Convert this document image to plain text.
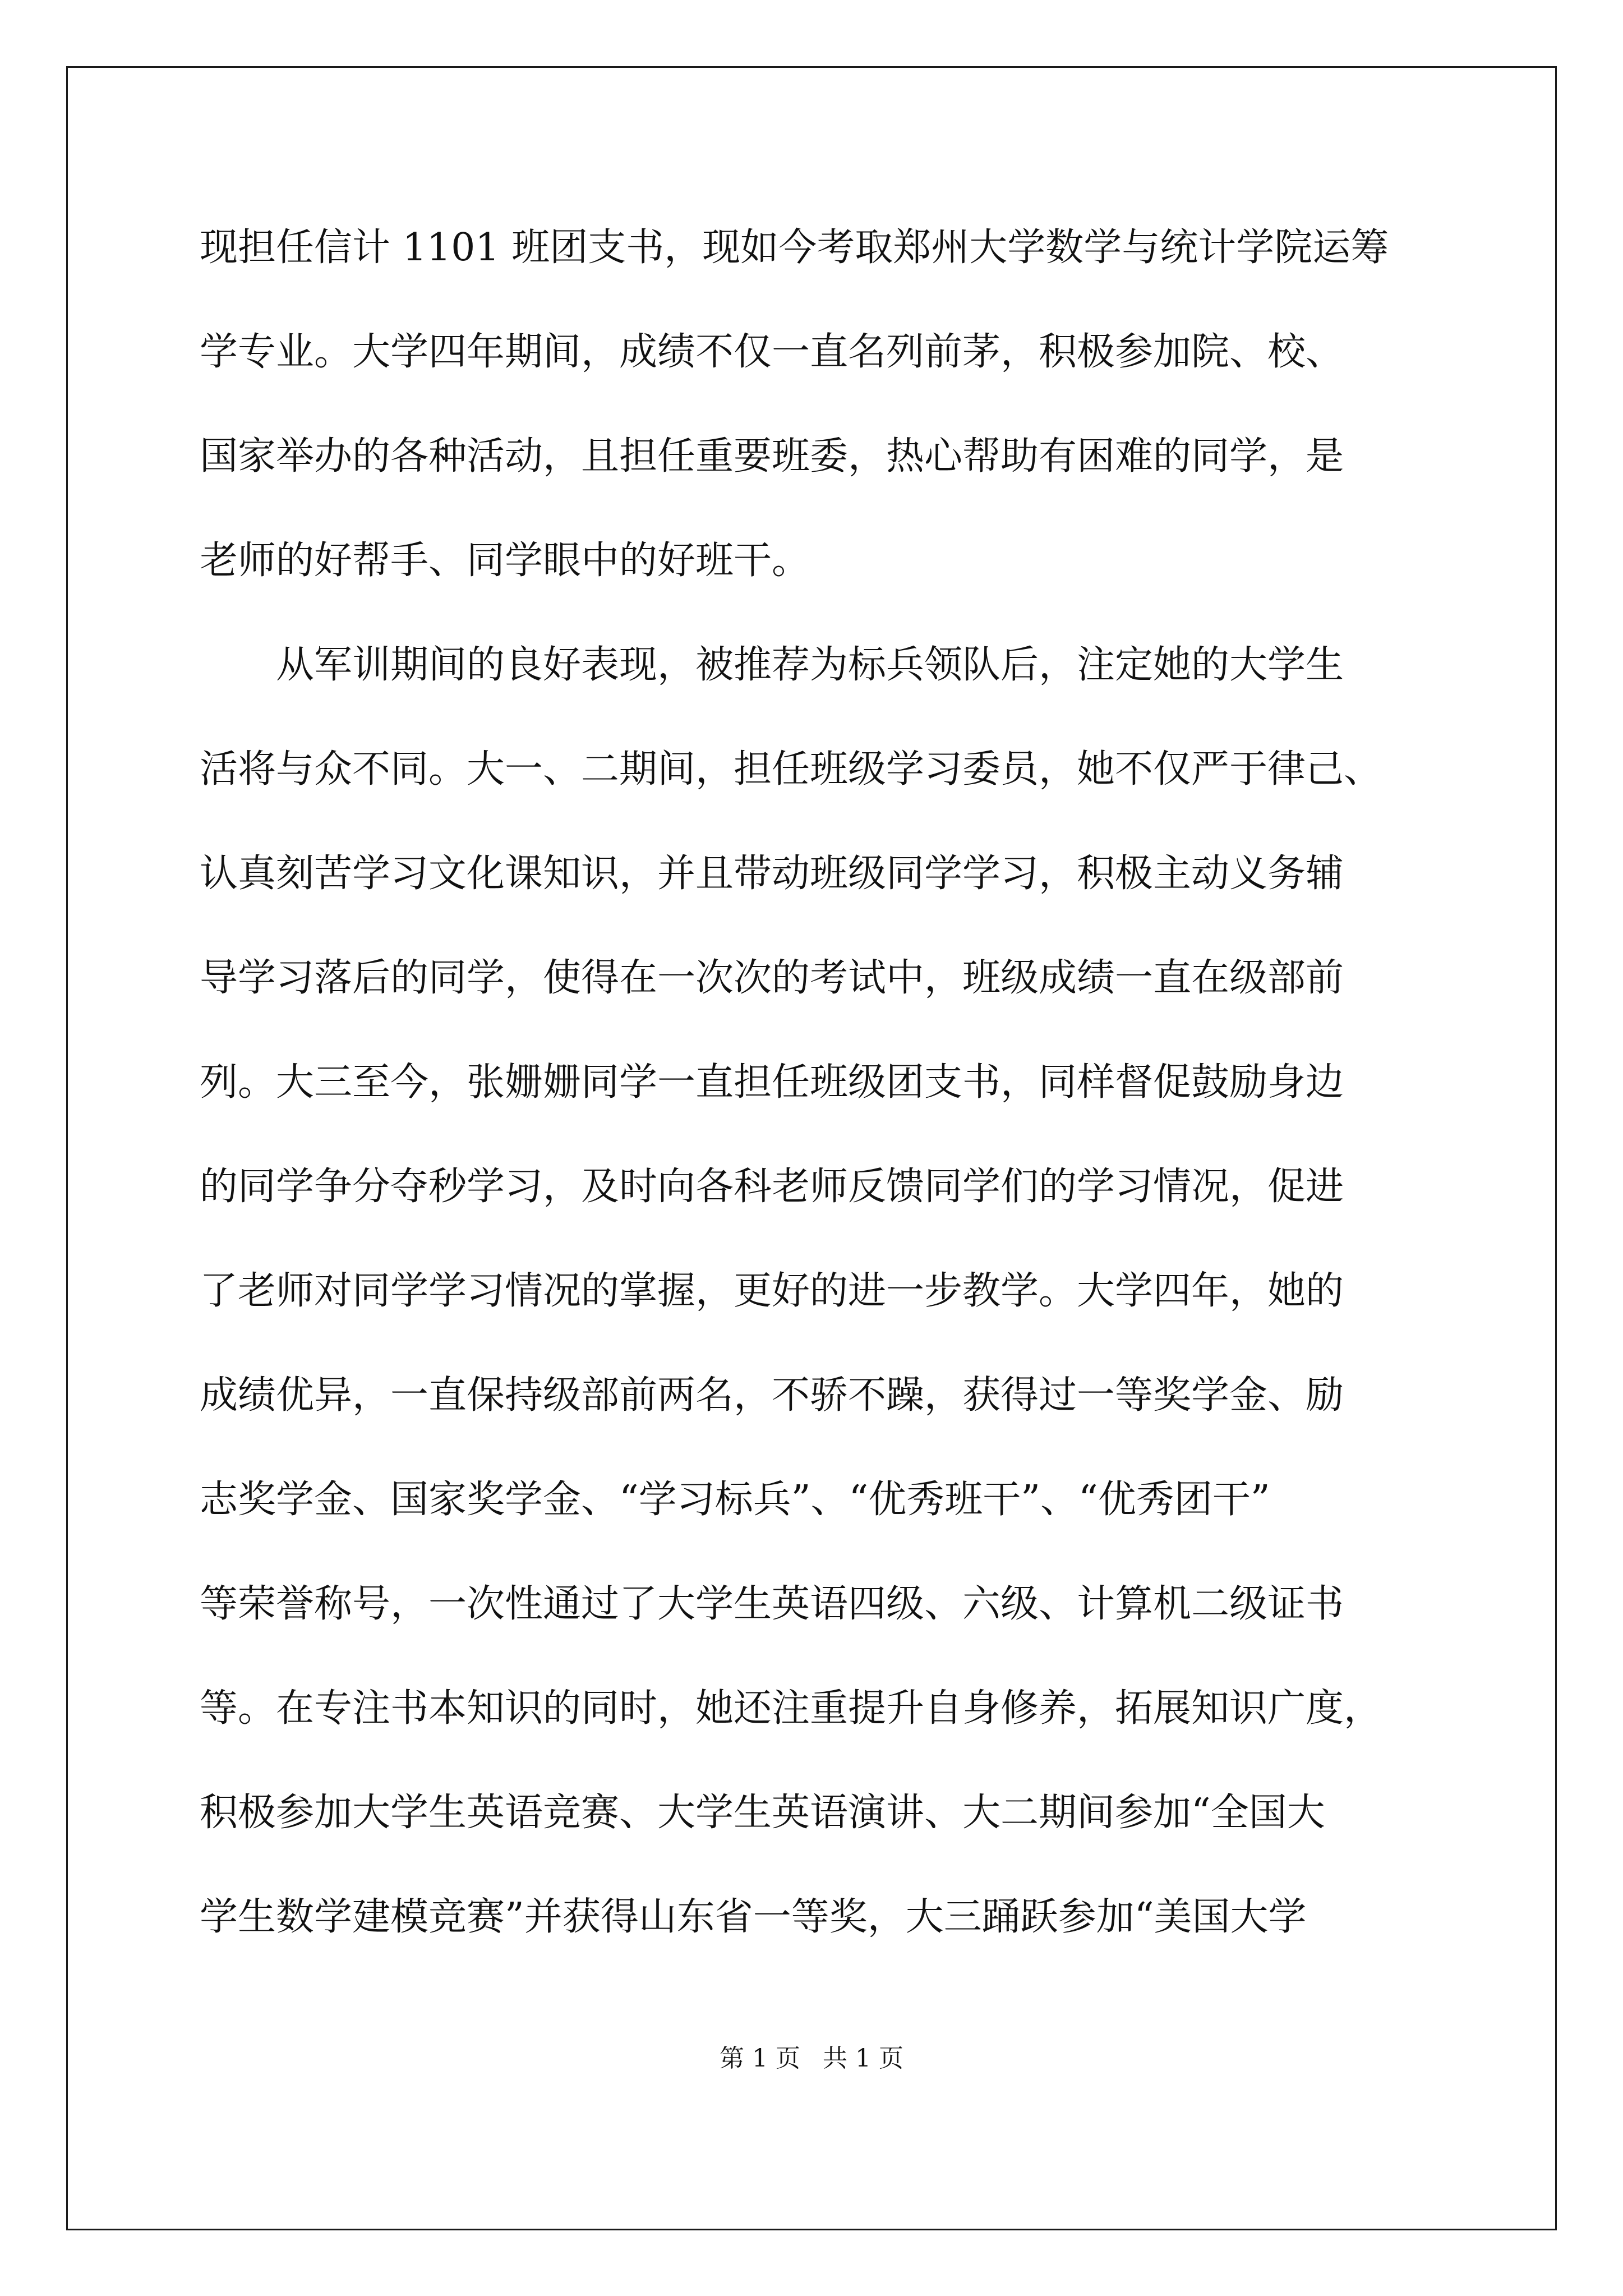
现担任信计 1101 班团支书，现如今考取郑州大学数学与统计学院运筹
学专业。大学四年期间，成绩不仅一直名列前茅，积极参加院、校、
国家举办的各种活动，且担任重要班委，热心帮助有困难的同学，是
老师的好帮手、同学眼中的好班干。
从军训期间的良好表现，被推荐为标兵领队后，注定她的大学生
活将与众不同。大一、二期间，担任班级学习委员，她不仅严于律己、
认真刻苦学习文化课知识，并且带动班级同学学习，积极主动义务辅
导学习落后的同学，使得在一次次的考试中，班级成绩一直在级部前
列。大三至今，张姗姗同学一直担任班级团支书，同样督促鼓励身边
的同学争分夺秒学习，及时向各科老师反馈同学们的学习情况，促进
了老师对同学学习情况的掌握，更好的进一步教学。大学四年，她的
成绩优异，一直保持级部前两名，不骄不躁，获得过一等奖学金、励
志奖学金、国家奖学金、“学习标兵”、“优秀班干”、“优秀团干”
等荣誉称号，一次性通过了大学生英语四级、六级、计算机二级证书
等。在专注书本知识的同时，她还注重提升自身修养，拓展知识广度，
积极参加大学生英语竞赛、大学生英语演讲、大二期间参加“全国大
学生数学建模竞赛”并获得山东省一等奖，大三踊跃参加“美国大学
第 1 页 共 1 页
